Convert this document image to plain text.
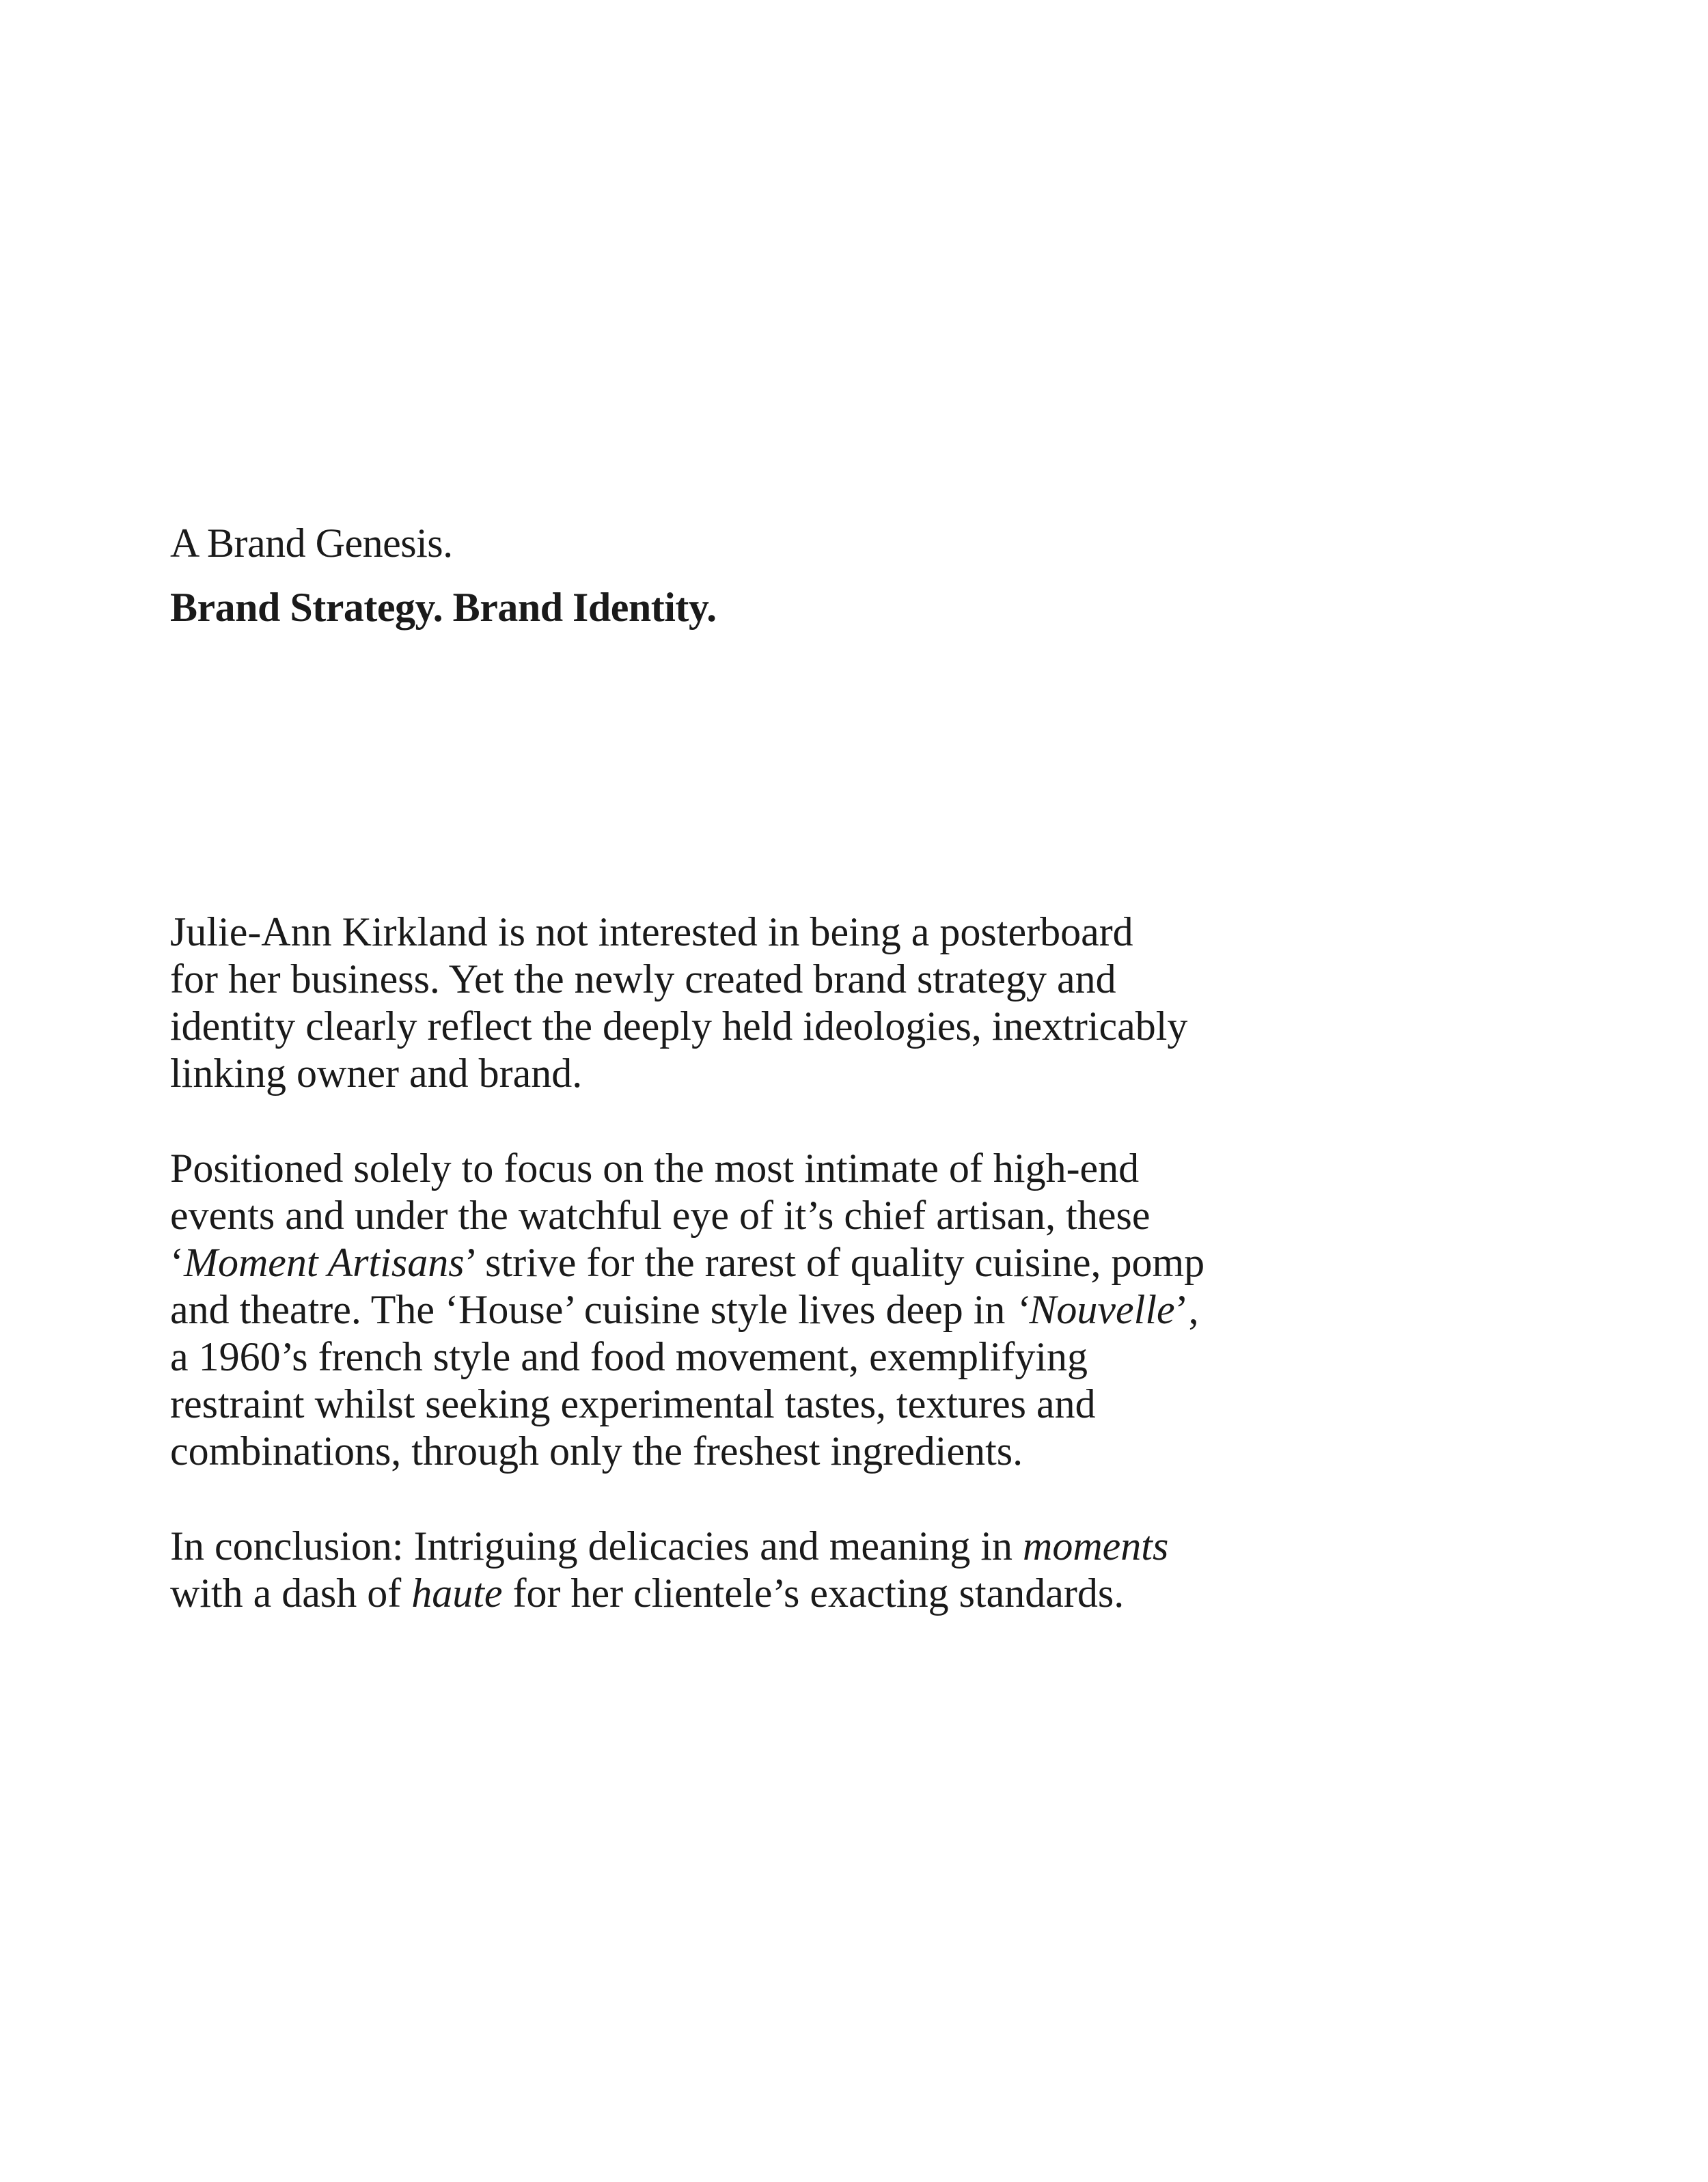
A Brand Genesis.

Brand Strategy. Brand Identity.

Julie-Ann Kirkland is not interested in being a posterboard
for her business. Yet the newly created brand strategy and
identity clearly reflect the deeply held ideologies, inextricably
linking owner and brand.

Positioned solely to focus on the most intimate of high-end
events and under the watchful eye of it’s chief artisan, these
‘Moment Artisans’ strive for the rarest of quality cuisine, pomp
and theatre. The ‘House’ cuisine style lives deep in ‘Nouvelle’,
a 1960’s french style and food movement, exemplifying
restraint whilst seeking experimental tastes, textures and
combinations, through only the freshest ingredients.

In conclusion: Intriguing delicacies and meaning in moments
with a dash of haute for her clientele’s exacting standards.
